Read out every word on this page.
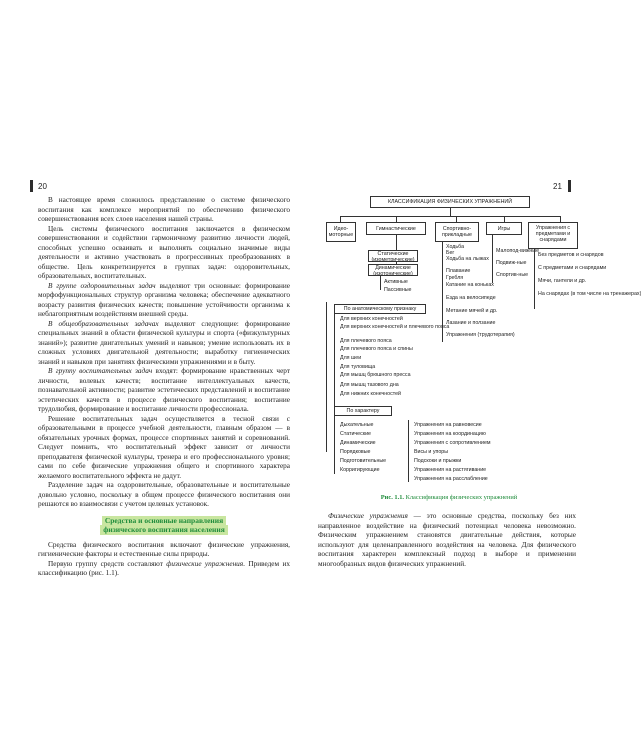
20	21

В настоящее время сложилось представление о системе физического воспитания как комплексе мероприятий по обеспечению физического совершенствования всех слоев населения нашей страны.

Цель системы физического воспитания заключается в физическом совершенствовании и содействии гармоничному развитию личности людей, способных успешно осваивать и выполнять социально значимые виды деятельности и активно участвовать в прогрессивных преобразованиях в обществе. Цель конкретизируется в группах задач: оздоровительных, образовательных, воспитательных.

В группе оздоровительных задач выделяют три основные: формирование морфофункциональных структур организма человека; обеспечение адекватного возрасту развития физических качеств; повышение устойчивости организма к неблагоприятным воздействиям внешней среды.

В общеобразовательных задачах выделяют следующие: формирование специальных знаний в области физической культуры и спорта («физкультурных знаний»); развитие двигательных умений и навыков; умение использовать их в сложных условиях двигательной деятельности; выработку гигиенических знаний и навыков при занятиях физическими упражнениями и в быту.

В группу воспитательных задач входят: формирование нравственных черт личности, волевых качеств; воспитание интеллектуальных качеств, познавательной активности; развитие эстетических представлений и воспитание эстетических качеств в процессе физического воспитания; воспитание трудолюбия, формирование и воспитание личности профессионала.

Решение воспитательных задач осуществляется в тесной связи с образовательными в процессе учебной деятельности, главным образом — в обязательных урочных формах, процессе спортивных занятий и соревнований. Следует помнить, что воспитательный эффект зависит от личности преподавателя физической культуры, тренера и его профессионального уровня; сами по себе физические упражнения общего и спортивного характера желаемого воспитательного эффекта не дадут.

Разделение задач на оздоровительные, образовательные и воспитательные довольно условно, поскольку в общем процессе физического воспитания они решаются во взаимосвязи с учетом целевых установок.

Средства и основные направления
физического воспитания населения

Средства физического воспитания включают физические упражнения, гигиенические факторы и естественные силы природы.

Первую группу средств составляют физические упражнения. Приведем их классификацию (рис. 1.1).

КЛАССИФИКАЦИЯ ФИЗИЧЕСКИХ УПРАЖНЕНИЙ
Идео-моторные
Гимнастические	Спортивно-прикладные
Игры	Упражнения с предметами и снарядами
Статические (изометрические)
Динамические (изотонические)
Активные
Пассивные
Ходьба
Бег
Ходьба на лыжах
Плавание
Гребля
Катание на коньках
Езда на велосипеде
Метание мячей и др.
Лазание и ползание
Упражнения (трудотерапия)
Малопод-вижные
Подвиж-ные
Спортив-ные
Без предметов и снарядов
С предметами и снарядами
Мячи, гантели и др.
На снарядах (в том числе на тренажерах)
По анатомическому признаку
Для верхних конечностей
Для верхних конечностей и плечевого пояса
Для плечевого пояса
Для плечевого пояса и спины
Для шеи
Для туловища
Для мышц брюшного пресса
Для мышц тазового дна
Для нижних конечностей
По характеру
Дыхательные
Статические
Динамические
Порядковые
Подготовительные
Корригирующие
Упражнения на равновесие
Упражнения на координацию
Упражнения с сопротивлением
Висы и упоры
Подскоки и прыжки
Упражнения на растягивание
Упражнения на расслабление
Рис. 1.1. Классификация физических упражнений

Физические упражнения — это основные средства, поскольку без них направленное воздействие на физический потенциал человека невозможно. Физическим упражнением становятся двигательные действия, которые используют для целенаправленного воздействия на человека. Для физического воспитания характерен комплексный подход в выборе и применении многообразных видов физических упражнений.
